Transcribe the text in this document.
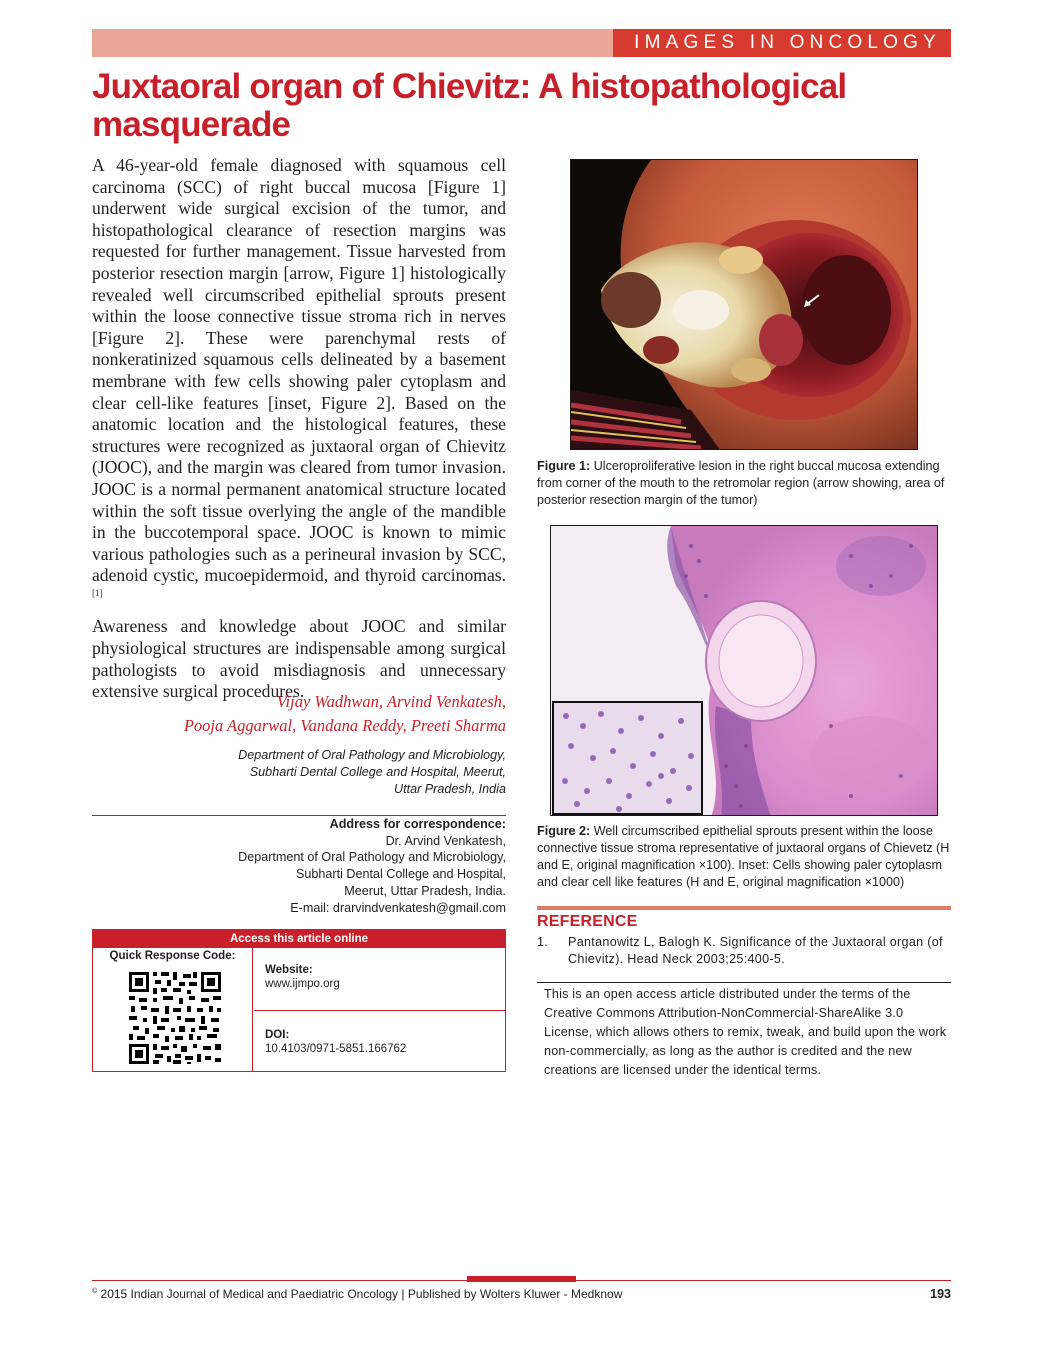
IMAGES IN ONCOLOGY
Juxtaoral organ of Chievitz: A histopathological masquerade

A 46-year-old female diagnosed with squamous cell carcinoma (SCC) of right buccal mucosa [Figure 1] underwent wide surgical excision of the tumor, and histopathological clearance of resection margins was requested for further management. Tissue harvested from posterior resection margin [arrow, Figure 1] histologically revealed well circumscribed epithelial sprouts present within the loose connective tissue stroma rich in nerves [Figure 2]. These were parenchymal rests of nonkeratinized squamous cells delineated by a basement membrane with few cells showing paler cytoplasm and clear cell-like features [inset, Figure 2]. Based on the anatomic location and the histological features, these structures were recognized as juxtaoral organ of Chievitz (JOOC), and the margin was cleared from tumor invasion. JOOC is a normal permanent anatomical structure located within the soft tissue overlying the angle of the mandible in the buccotemporal space. JOOC is known to mimic various pathologies such as a perineural invasion by SCC, adenoid cystic, mucoepidermoid, and thyroid carcinomas.[1]

Awareness and knowledge about JOOC and similar physiological structures are indispensable among surgical pathologists to avoid misdiagnosis and unnecessary extensive surgical procedures.

Vijay Wadhwan, Arvind Venkatesh,
Pooja Aggarwal, Vandana Reddy, Preeti Sharma
Department of Oral Pathology and Microbiology,
Subharti Dental College and Hospital, Meerut,
Uttar Pradesh, India
Address for correspondence:
Dr. Arvind Venkatesh,
Department of Oral Pathology and Microbiology,
Subharti Dental College and Hospital,
Meerut, Uttar Pradesh, India.
E-mail: drarvindvenkatesh@gmail.com
Access this article online
Quick Response Code:
Website:
www.ijmpo.org
DOI:
10.4103/0971-5851.166762
Figure 1: Ulceroproliferative lesion in the right buccal mucosa extending from corner of the mouth to the retromolar region (arrow showing, area of posterior resection margin of the tumor)
Figure 2: Well circumscribed epithelial sprouts present within the loose connective tissue stroma representative of juxtaoral organs of Chievetz (H and E, original magnification ×100). Inset: Cells showing paler cytoplasm and clear cell like features (H and E, original magnification ×1000)
REFERENCE
1. Pantanowitz L, Balogh K. Significance of the Juxtaoral organ (of Chievitz). Head Neck 2003;25:400-5.
This is an open access article distributed under the terms of the Creative Commons Attribution-NonCommercial-ShareAlike 3.0 License, which allows others to remix, tweak, and build upon the work non-commercially, as long as the author is credited and the new creations are licensed under the identical terms.
© 2015 Indian Journal of Medical and Paediatric Oncology | Published by Wolters Kluwer - Medknow	193
